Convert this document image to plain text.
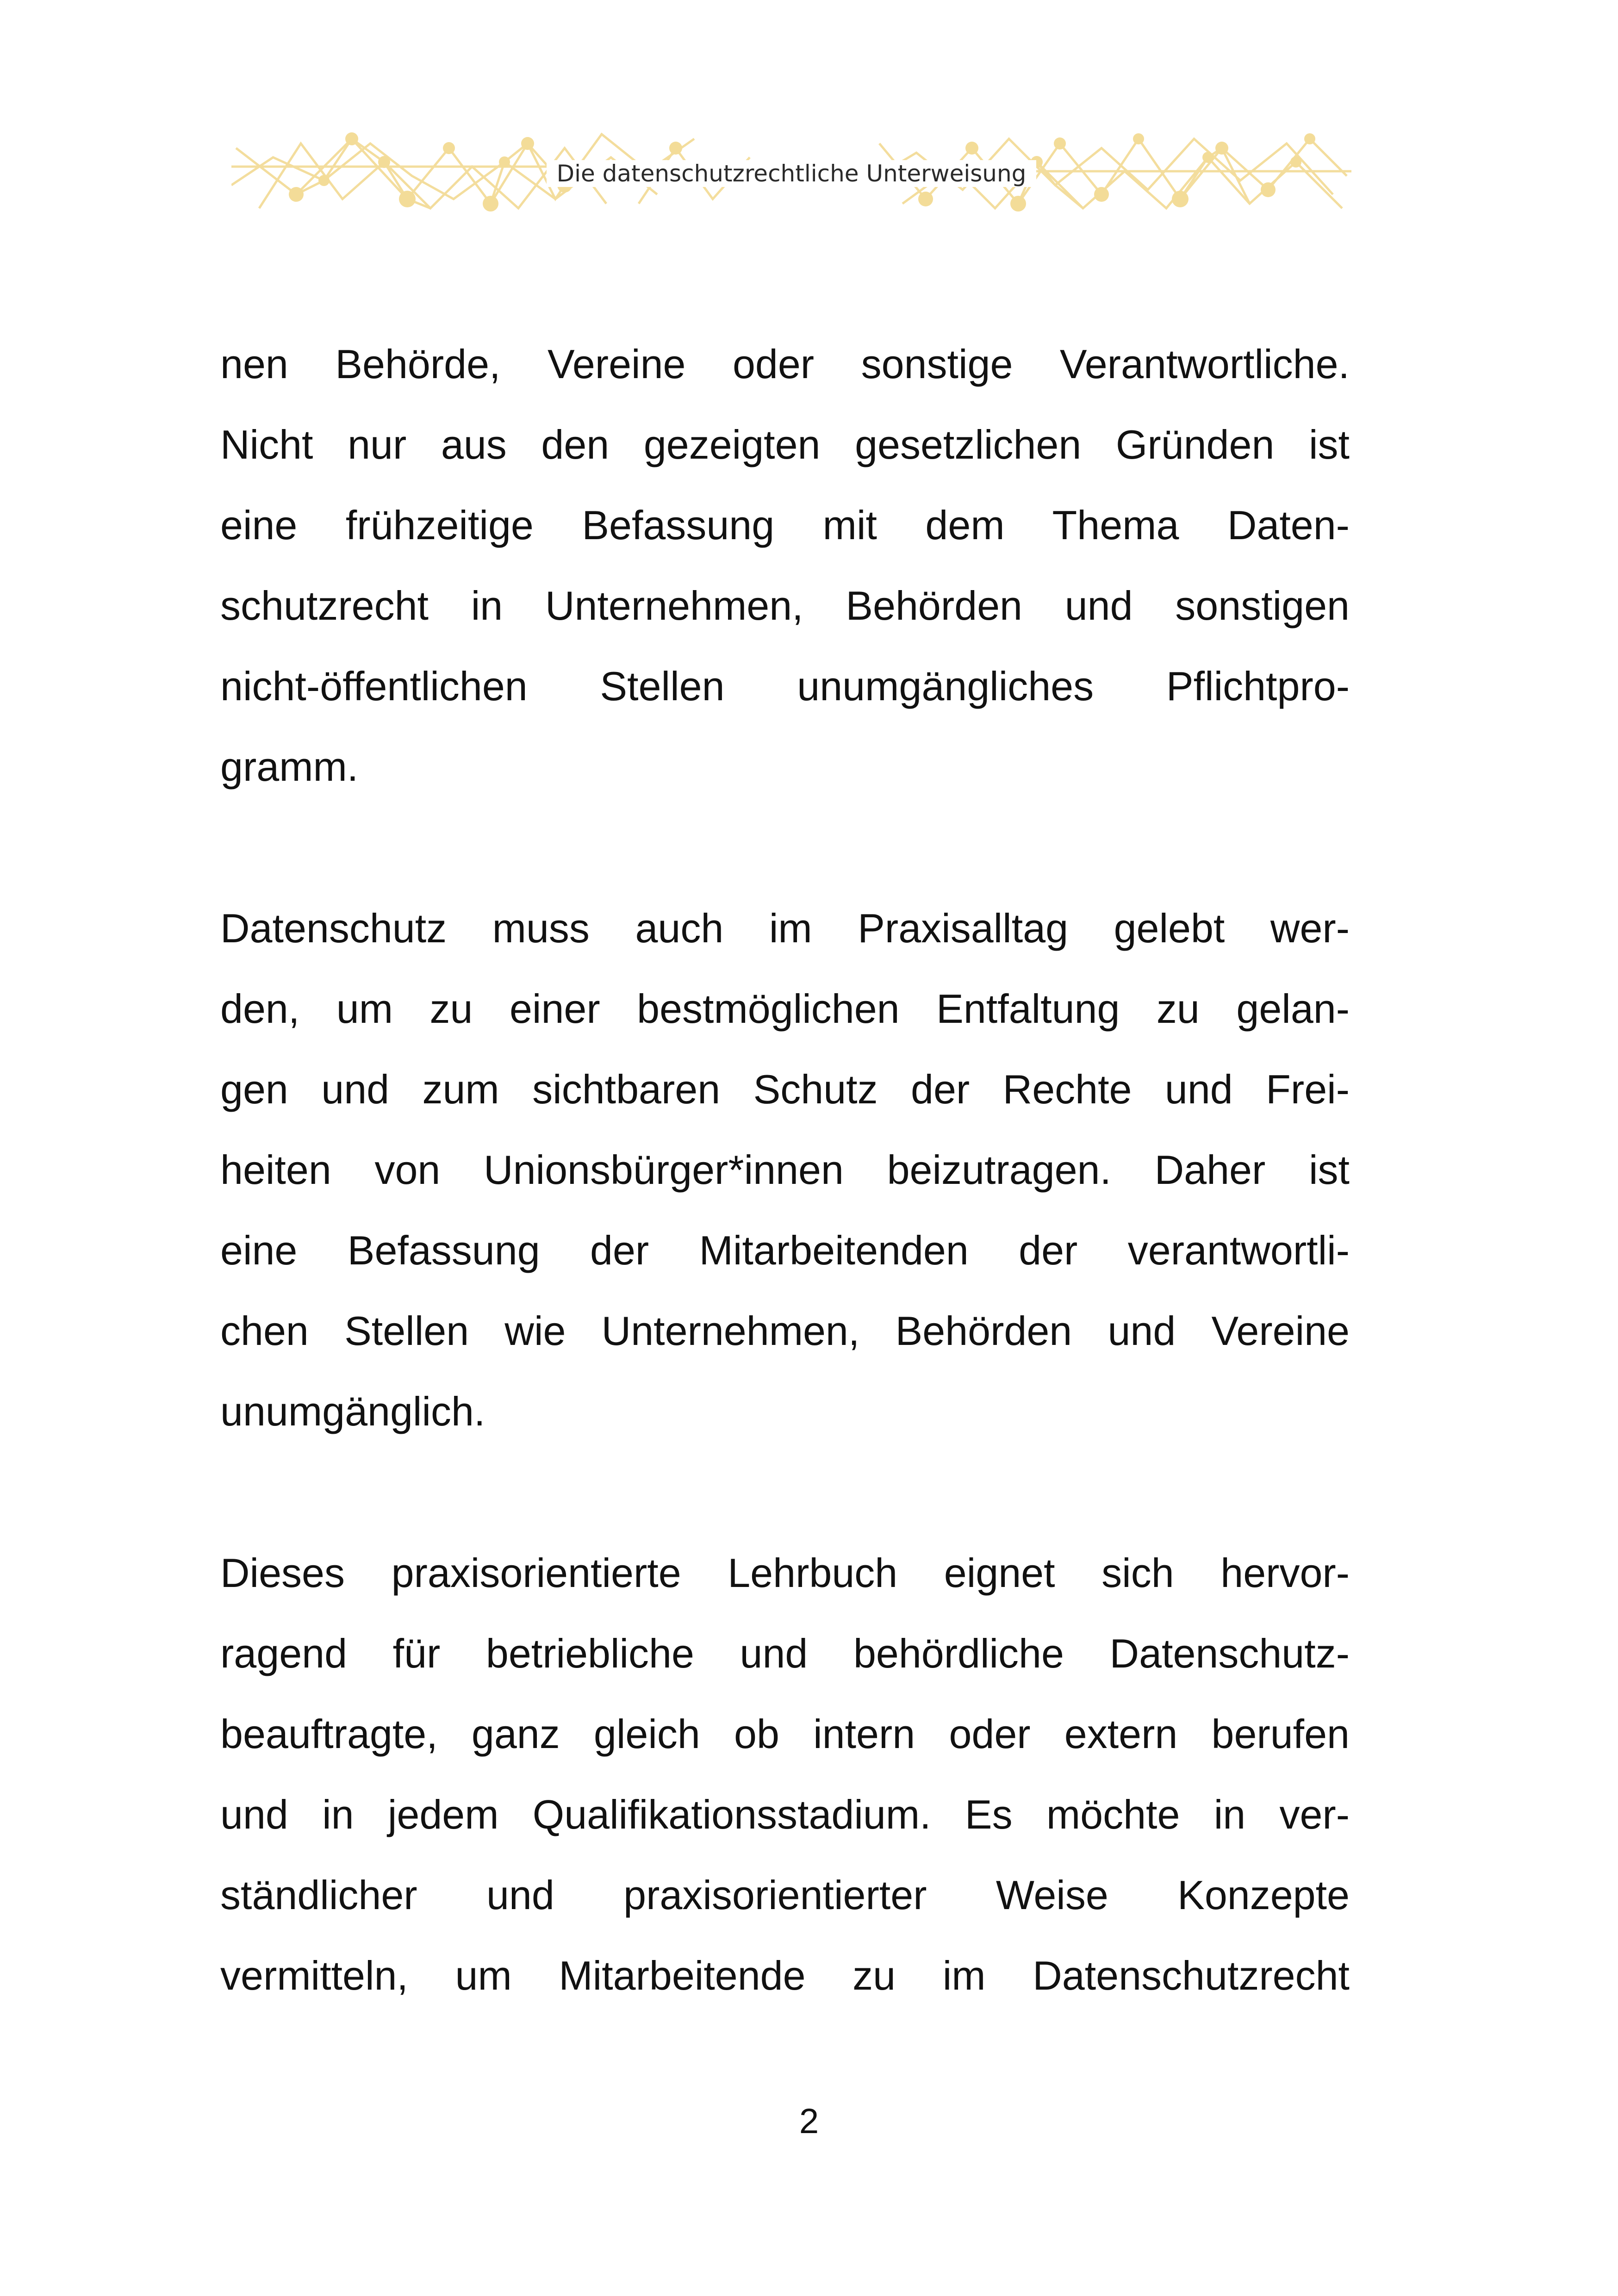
Die datenschutzrechtliche Unterweisung

nen Behörde, Vereine oder sonstige Verantwortliche.
Nicht nur aus den gezeigten gesetzlichen Gründen ist
eine frühzeitige Befassung mit dem Thema Daten-
schutzrecht in Unternehmen, Behörden und sonstigen
nicht-öffentlichen Stellen unumgängliches Pflichtpro-
gramm.

Datenschutz muss auch im Praxisalltag gelebt wer-
den, um zu einer bestmöglichen Entfaltung zu gelan-
gen und zum sichtbaren Schutz der Rechte und Frei-
heiten von Unionsbürger*innen beizutragen. Daher ist
eine Befassung der Mitarbeitenden der verantwortli-
chen Stellen wie Unternehmen, Behörden und Vereine
unumgänglich.

Dieses praxisorientierte Lehrbuch eignet sich hervor-
ragend für betriebliche und behördliche Datenschutz-
beauftragte, ganz gleich ob intern oder extern berufen
und in jedem Qualifikationsstadium. Es möchte in ver-
ständlicher und praxisorientierter Weise Konzepte
vermitteln, um Mitarbeitende zu im Datenschutzrecht

2
